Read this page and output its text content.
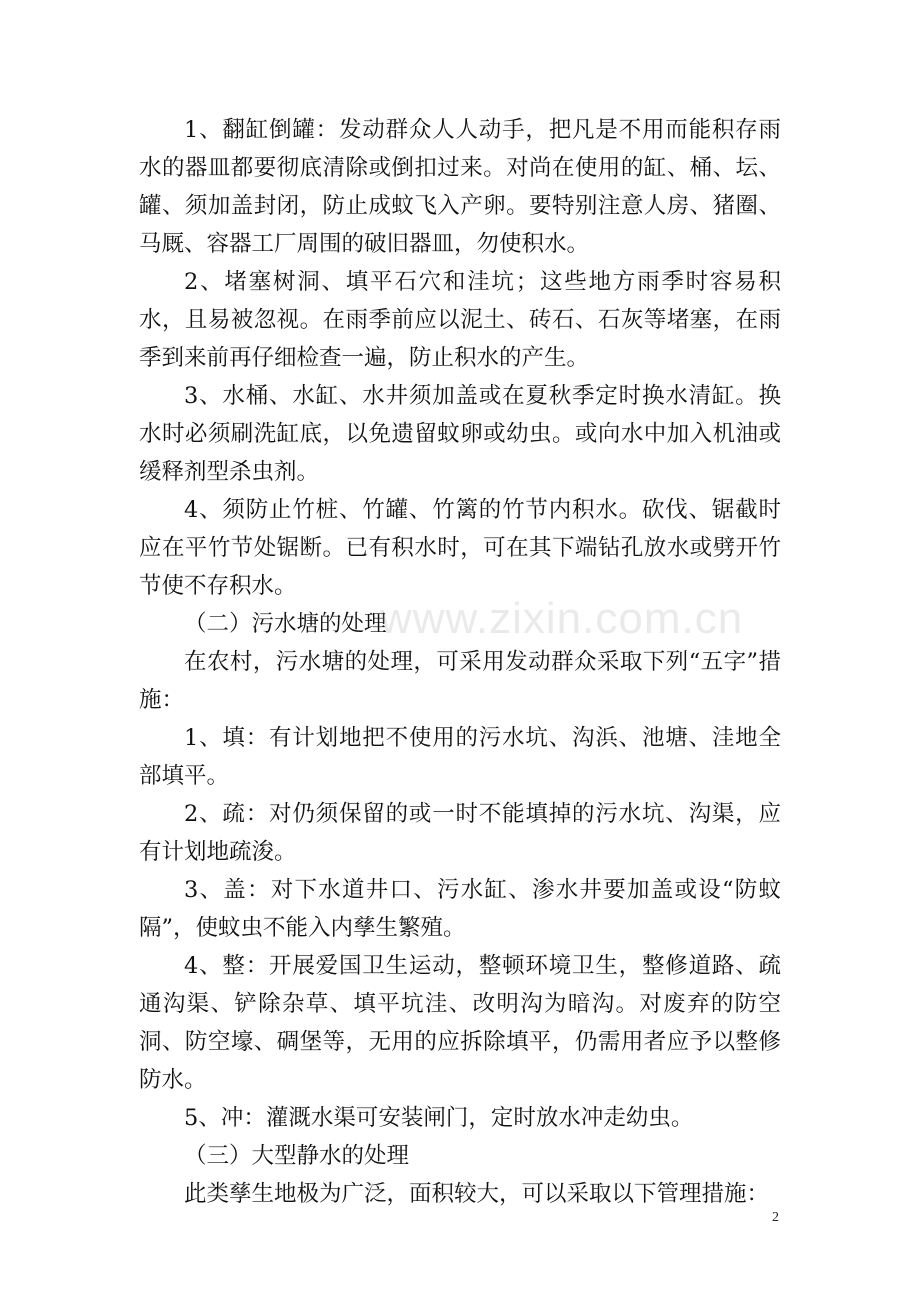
1、翻缸倒罐：发动群众人人动手，把凡是不用而能积存雨水的器皿都要彻底清除或倒扣过来。对尚在使用的缸、桶、坛、罐、须加盖封闭，防止成蚊飞入产卵。要特别注意人房、猪圈、马厩、容器工厂周围的破旧器皿，勿使积水。

2、堵塞树洞、填平石穴和洼坑；这些地方雨季时容易积水，且易被忽视。在雨季前应以泥土、砖石、石灰等堵塞，在雨季到来前再仔细检查一遍，防止积水的产生。

3、水桶、水缸、水井须加盖或在夏秋季定时换水清缸。换水时必须刷洗缸底，以免遗留蚊卵或幼虫。或向水中加入机油或缓释剂型杀虫剂。

4、须防止竹桩、竹罐、竹篱的竹节内积水。砍伐、锯截时应在平竹节处锯断。已有积水时，可在其下端钻孔放水或劈开竹节使不存积水。

（二）污水塘的处理

在农村，污水塘的处理，可采用发动群众采取下列“五字”措施：

1、填：有计划地把不使用的污水坑、沟浜、池塘、洼地全部填平。

2、疏：对仍须保留的或一时不能填掉的污水坑、沟渠，应有计划地疏浚。

3、盖：对下水道井口、污水缸、渗水井要加盖或设“防蚊隔”，使蚊虫不能入内孳生繁殖。

4、整：开展爱国卫生运动，整顿环境卫生，整修道路、疏通沟渠、铲除杂草、填平坑洼、改明沟为暗沟。对废弃的防空洞、防空壕、碉堡等，无用的应拆除填平，仍需用者应予以整修防水。

5、冲：灌溉水渠可安装闸门，定时放水冲走幼虫。

（三）大型静水的处理

此类孳生地极为广泛，面积较大，可以采取以下管理措施：

www.zixin.com.cn
2
